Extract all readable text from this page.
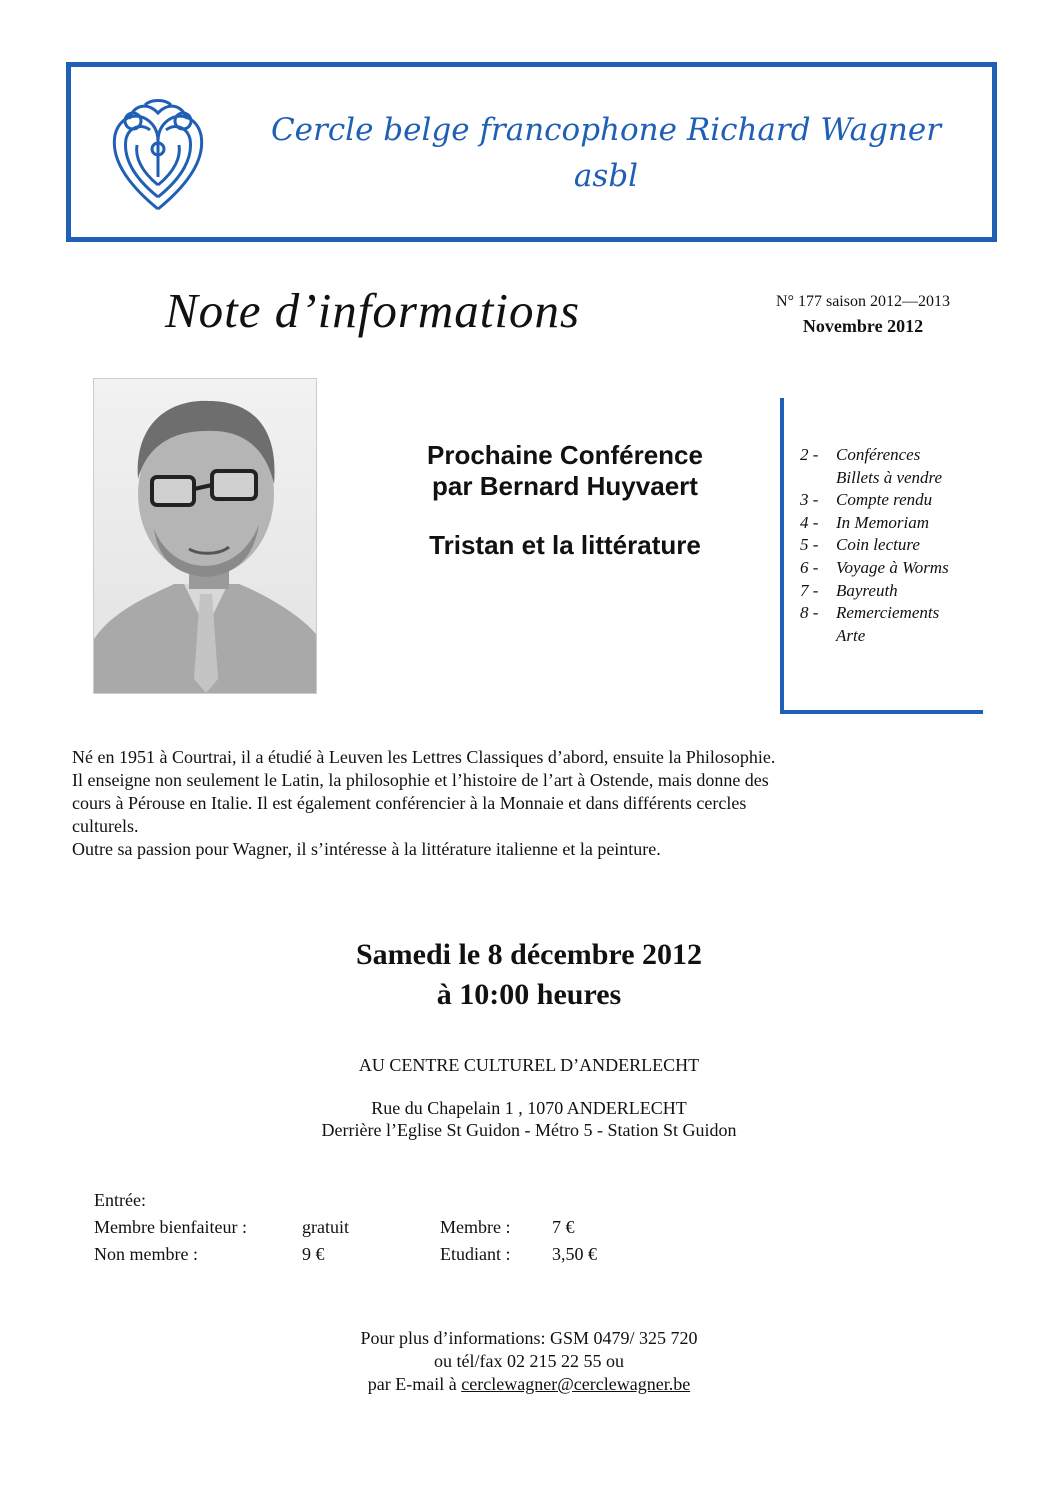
Cercle belge francophone Richard Wagner
asbl
Note d’informations	N° 177 saison 2012—2013
Novembre 2012
Prochaine Conférence
par Bernard Huyvaert
Tristan et la littérature
2 -	Conférences
Billets à vendre
3 -	Compte rendu
4 -	In Memoriam
5 -	Coin lecture
6 -	Voyage à Worms
7 -	Bayreuth
8 -	Remerciements
Arte
Né en 1951 à Courtrai, il a étudié à Leuven les Lettres Classiques d’abord, ensuite la Philosophie.
Il enseigne non seulement le Latin, la philosophie et l’histoire de l’art à Ostende, mais donne des
cours à Pérouse en Italie. Il est également conférencier à la Monnaie et dans différents cercles
culturels.
Outre sa passion pour Wagner, il s’intéresse à la littérature italienne et la peinture.
Samedi le 8 décembre 2012
à 10:00 heures
AU CENTRE CULTUREL D’ANDERLECHT
Rue du Chapelain 1 , 1070 ANDERLECHT
Derrière l’Eglise St Guidon - Métro 5 - Station St Guidon
Entrée:
Membre bienfaiteur :	gratuit	Membre : 7 €
Non membre :	9 €	Etudiant : 3,50 €
Pour plus d’informations: GSM 0479/ 325 720
ou tél/fax 02 215 22 55 ou
par E-mail à cerclewagner@cerclewagner.be
